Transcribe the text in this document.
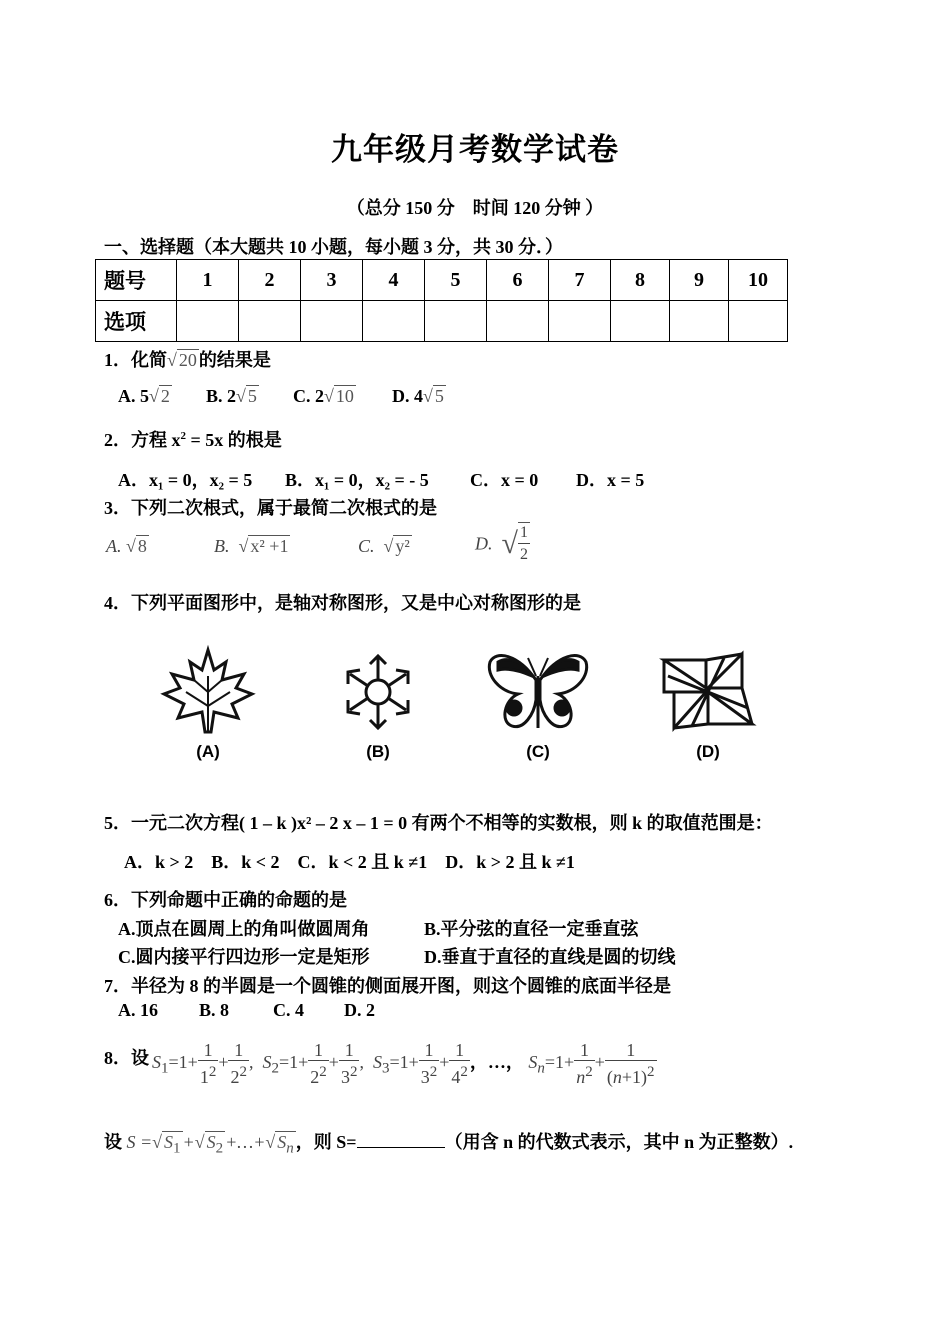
九年级月考数学试卷
（总分 150 分　时间 120 分钟 ）
一、选择题（本大题共 10 小题，每小题 3 分，共 30 分．）
题号	1	2	3	4	5	6	7	8	9	10
选项										
1．化简√ 20 的结果是
A. 5√ 2 B. 2√ 5 C. 2√ 10 D. 4√ 5
2．方程 $x^2 = 5x$ 的根是
A．x₁ = 0，x₂ = 5 B．x₁ = 0，x₂ = - 5 C．x = 0 D．x = 5
3．下列二次根式，属于最简二次根式的是
A. √ 8	B. √ x² +1	C. √ y²	D. √ $\frac{1}{2}$
4．下列平面图形中，是轴对称图形，又是中心对称图形的是
(A)	(B)	(C)	(D)
5．一元二次方程( 1 – k )x² – 2 x – 1 = 0 有两个不相等的实数根，则 k 的取值范围是：
A．k > 2　B．k < 2　C．k < 2 且 k ≠1　D．k > 2 且 k ≠1
6．下列命题中正确的命题的是
A.顶点在圆周上的角叫做圆周角	B.平分弦的直径一定垂直弦
C.圆内接平行四边形一定是矩形	D.垂直于直径的直线是圆的切线
7．半径为 8 的半圆是一个圆锥的侧面展开图，则这个圆锥的底面半径是
A. 16 B. 8 C. 4 D. 2
8．设 $S_1=1+ \frac{1}{1^2} + \frac{1}{2^2}$ ,  $S_2=1+ \frac{1}{2^2} + \frac{1}{3^2}$ ,  $S_3=1+ \frac{1}{3^2} + \frac{1}{4^2}$ ，…， $S_n=1+ \frac{1}{n^2} + \frac{1}{(n+1)^2}$
设 S =√ $S_1$ +√ $S_2$ +…+√ $S_n$ ，则 S=	（用含 n 的代数式表示，其中 n 为正整数）.
